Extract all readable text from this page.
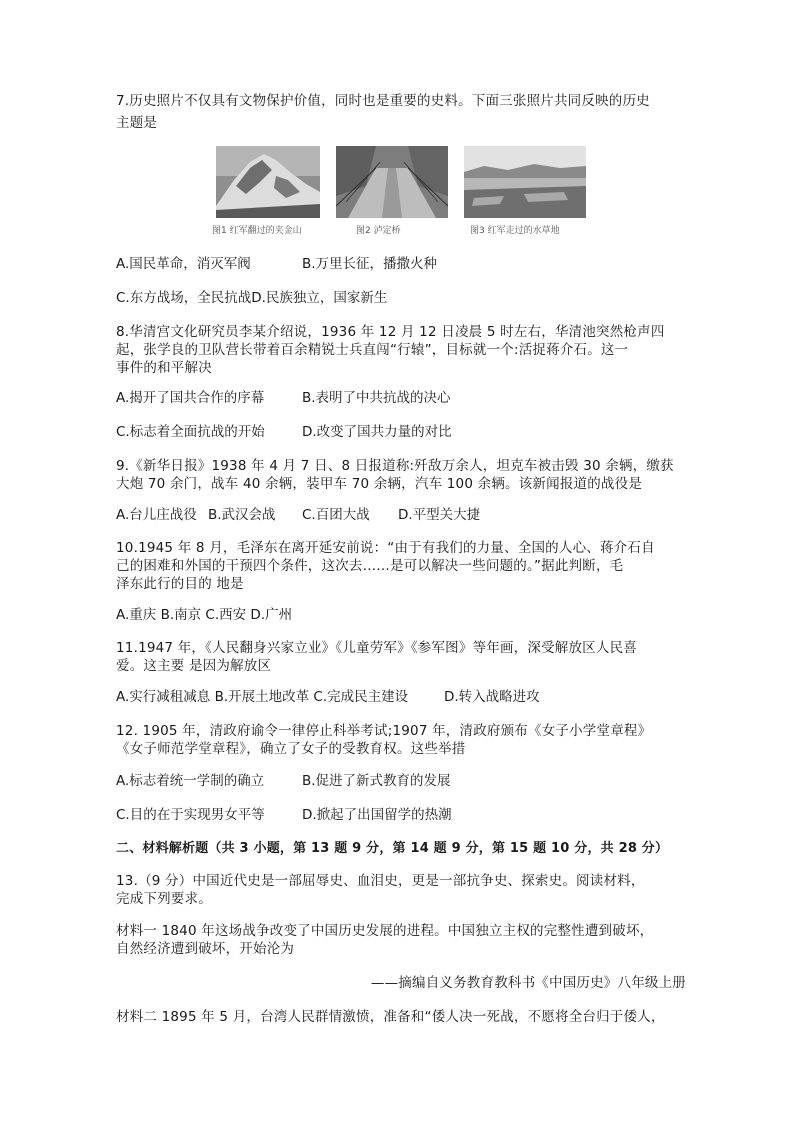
7.历史照片不仅具有文物保护价值，同时也是重要的史料。下面三张照片共同反映的历史
主题是
图1 红军翻过的夹金山	图2 泸定桥	图3 红军走过的水草地
A.国民革命，消灭军阀	B.万里长征，播撒火种
C.东方战场，全民抗战D.民族独立，国家新生
8.华清宫文化研究员李某介绍说，1936 年 12 月 12 日凌晨 5 时左右，华清池突然枪声四
起，张学良的卫队营长带着百余精锐士兵直闯“行辕”，目标就一个:活捉蒋介石。这一
事件的和平解决
A.揭开了国共合作的序幕	B.表明了中共抗战的决心
C.标志着全面抗战的开始	D.改变了国共力量的对比
9.《新华日报》1938 年 4 月 7 日、8 日报道称:歼敌万余人，坦克车被击毁 30 余辆，缴获
大炮 70 余门，战车 40 余辆，装甲车 70 余辆，汽车 100 余辆。该新闻报道的战役是
A.台儿庄战役 B.武汉会战 C.百团大战 D.平型关大捷
10.1945 年 8 月，毛泽东在离开延安前说：“由于有我们的力量、全国的人心、蒋介石自
己的困难和外国的干预四个条件，这次去……是可以解决一些问题的。”据此判断，毛
泽东此行的目的 地是
A.重庆 B.南京 C.西安 D.广州
11.1947 年，《人民翻身兴家立业》《儿童劳军》《参军图》等年画，深受解放区人民喜
爱。这主要 是因为解放区
A.实行减租减息 B.开展土地改革 C.完成民主建设	D.转入战略进攻
12. 1905 年，清政府谕令一律停止科举考试;1907 年，清政府颁布《女子小学堂章程》
《女子师范学堂章程》，确立了女子的受教育权。这些举措
A.标志着统一学制的确立	B.促进了新式教育的发展
C.目的在于实现男女平等	D.掀起了出国留学的热潮
二、材料解析题（共 3 小题，第 13 题 9 分，第 14 题 9 分，第 15 题 10 分，共 28 分）
13.（9 分）中国近代史是一部屈辱史、血泪史，更是一部抗争史、探索史。阅读材料，
完成下列要求。
材料一 1840 年这场战争改变了中国历史发展的进程。中国独立主权的完整性遭到破坏，
自然经济遭到破坏，开始沦为
——摘编自义务教育教科书《中国历史》八年级上册
材料二 1895 年 5 月，台湾人民群情激愤，准备和“倭人决一死战，不愿将全台归于倭人，
